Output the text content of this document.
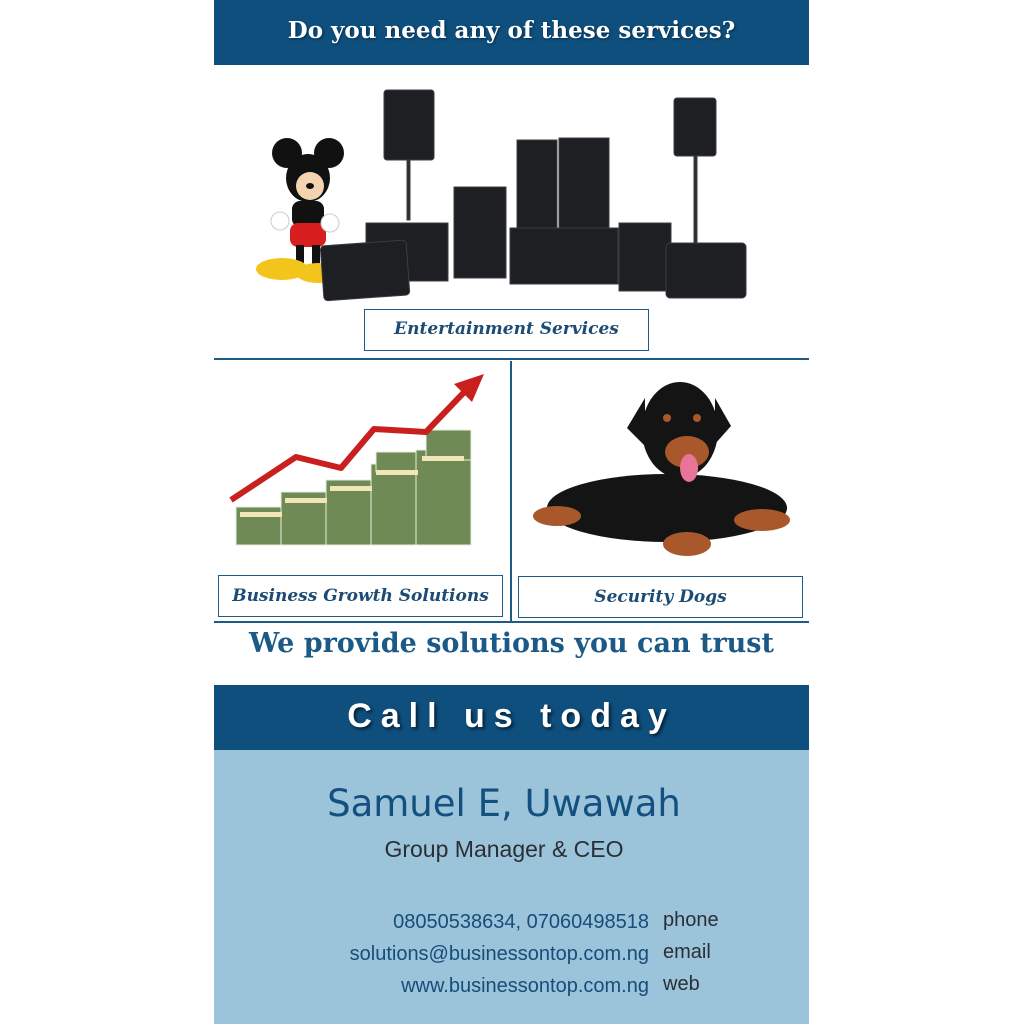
Do you need any of these services?
Entertainment Services
Business Growth Solutions	Security Dogs
We provide solutions you can trust
Call us today
Samuel E, Uwawah
Group Manager & CEO
08050538634, 07060498518 phone
solutions@businessontop.com.ng email
www.businessontop.com.ng web
